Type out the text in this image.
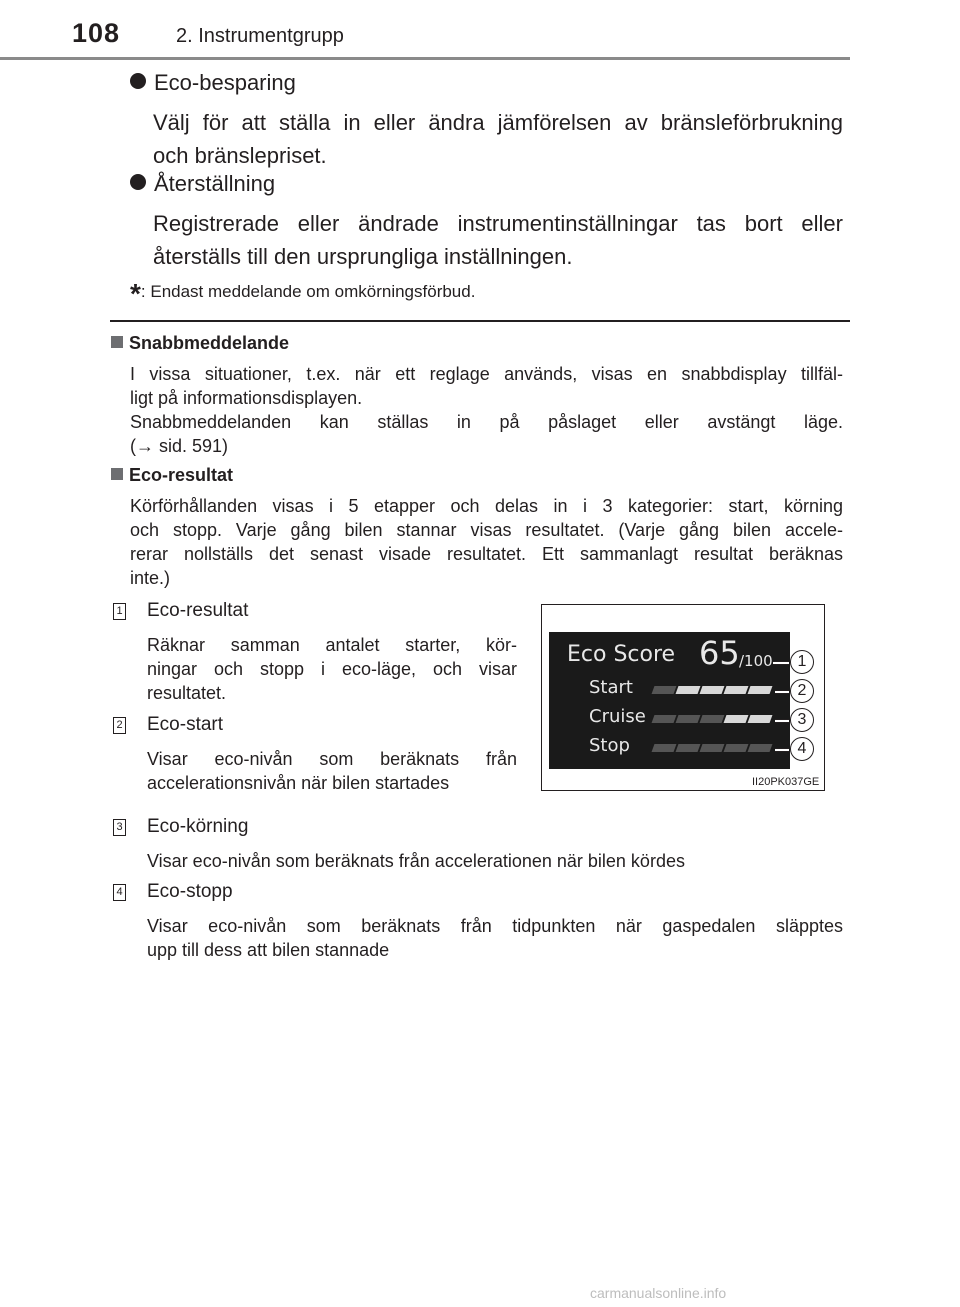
108	2. Instrumentgrupp
Eco-besparing

Välj för att ställa in eller ändra jämförelsen av bränsleförbrukning

och bränslepriset.

Återställning

Registrerade eller ändrade instrumentinställningar tas bort eller

återställs till den ursprungliga inställningen.

*: Endast meddelande om omkörningsförbud.
Snabbmeddelande

I vissa situationer, t.ex. när ett reglage används, visas en snabbdisplay tillfäl-

ligt på informationsdisplayen.

Snabbmeddelanden kan ställas in på påslaget eller avstängt läge.

(→ sid. 591)

Eco-resultat

Körförhållanden visas i 5 etapper och delas in i 3 kategorier: start, körning

och stopp. Varje gång bilen stannar visas resultatet. (Varje gång bilen accele-

rerar nollställs det senast visade resultatet. Ett sammanlagt resultat beräknas

inte.)

1 Eco-resultat

Räknar samman antalet starter, kör-

ningar och stopp i eco-läge, och visar

resultatet.

2 Eco-start

Visar eco-nivån som beräknats från

accelerationsnivån när bilen startades

3 Eco-körning

Visar eco-nivån som beräknats från accelerationen när bilen kördes

4 Eco-stopp

Visar eco-nivån som beräknats från tidpunkten när gaspedalen släpptes

upp till dess att bilen stannade

Eco Score 65 /100
Start
Cruise
Stop
1
2
3
4
II20PK037GE
carmanualsonline.info
